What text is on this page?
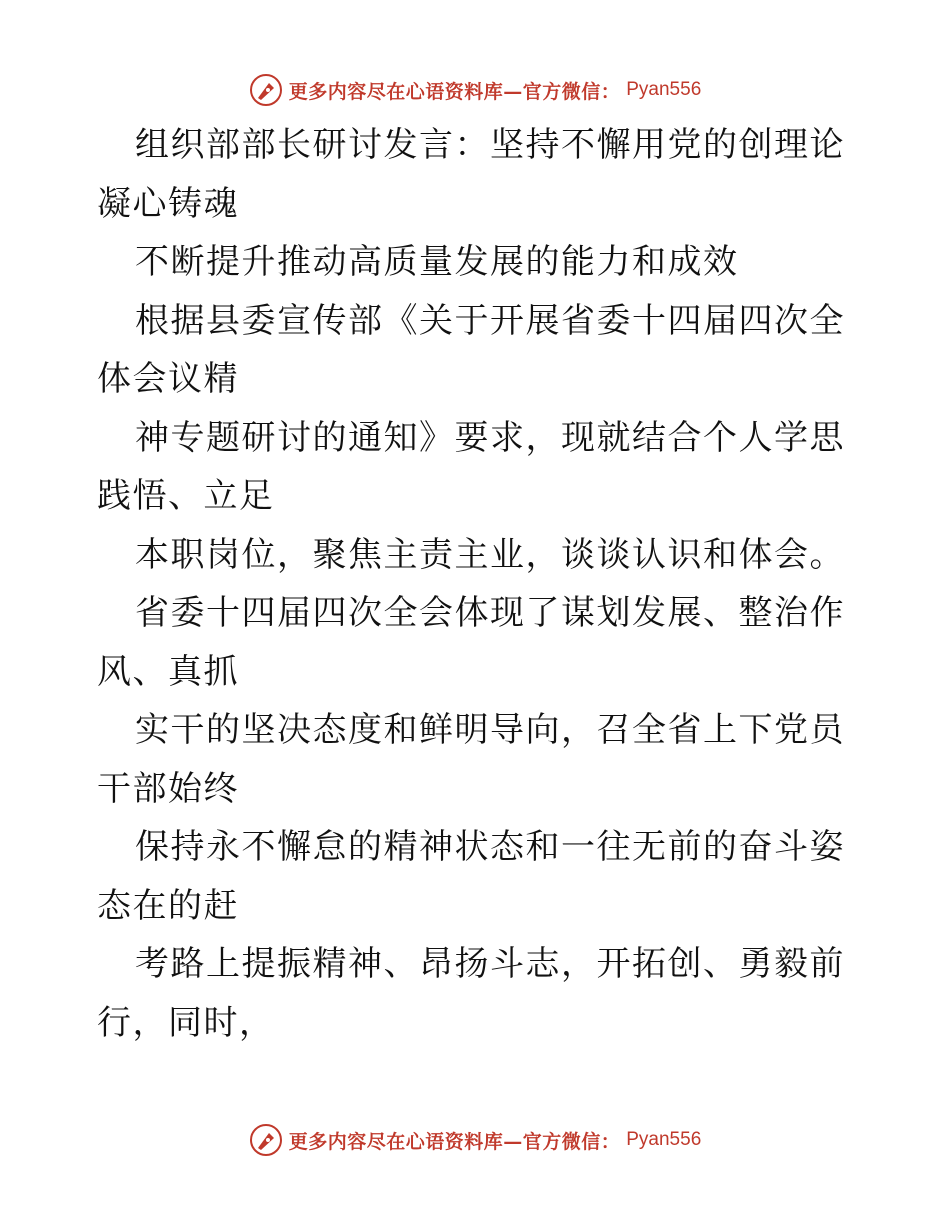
更多内容尽在心语资料库—官方微信： Pyan556

组织部部长研讨发言：坚持不懈用党的创理论凝心铸魂

不断提升推动高质量发展的能力和成效

根据县委宣传部《关于开展省委十四届四次全体会议精

神专题研讨的通知》要求，现就结合个人学思践悟、立足

本职岗位，聚焦主责主业，谈谈认识和体会。

省委十四届四次全会体现了谋划发展、整治作风、真抓

实干的坚决态度和鲜明导向，召全省上下党员干部始终

保持永不懈怠的精神状态和一往无前的奋斗姿态在的赶

考路上提振精神、昂扬斗志，开拓创、勇毅前行，同时，

更多内容尽在心语资料库—官方微信： Pyan556
